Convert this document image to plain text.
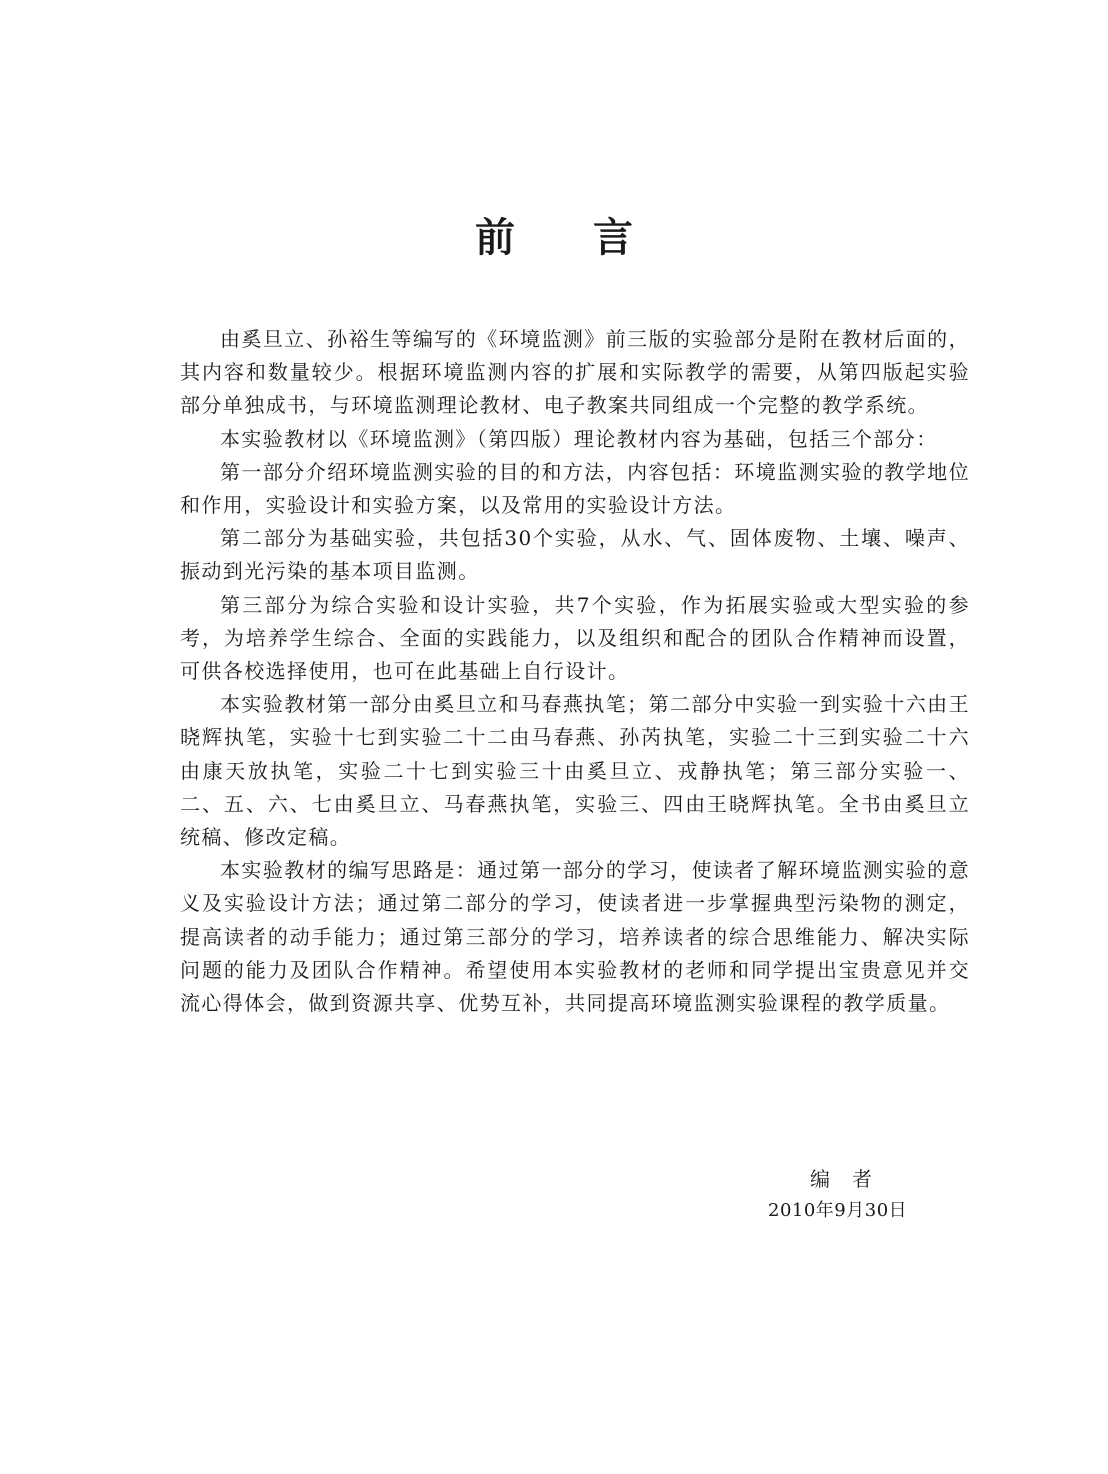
前言

由奚旦立、孙裕生等编写的《环境监测》前三版的实验部分是附在教材后面的，其内容和数量较少。根据环境监测内容的扩展和实际教学的需要，从第四版起实验部分单独成书，与环境监测理论教材、电子教案共同组成一个完整的教学系统。

本实验教材以《环境监测》（第四版）理论教材内容为基础，包括三个部分：

第一部分介绍环境监测实验的目的和方法，内容包括：环境监测实验的教学地位和作用，实验设计和实验方案，以及常用的实验设计方法。

第二部分为基础实验，共包括30个实验，从水、气、固体废物、土壤、噪声、振动到光污染的基本项目监测。

第三部分为综合实验和设计实验，共7个实验，作为拓展实验或大型实验的参考，为培养学生综合、全面的实践能力，以及组织和配合的团队合作精神而设置，可供各校选择使用，也可在此基础上自行设计。

本实验教材第一部分由奚旦立和马春燕执笔；第二部分中实验一到实验十六由王晓辉执笔，实验十七到实验二十二由马春燕、孙芮执笔，实验二十三到实验二十六由康天放执笔，实验二十七到实验三十由奚旦立、戎静执笔；第三部分实验一、二、五、六、七由奚旦立、马春燕执笔，实验三、四由王晓辉执笔。全书由奚旦立统稿、修改定稿。

本实验教材的编写思路是：通过第一部分的学习，使读者了解环境监测实验的意义及实验设计方法；通过第二部分的学习，使读者进一步掌握典型污染物的测定，提高读者的动手能力；通过第三部分的学习，培养读者的综合思维能力、解决实际问题的能力及团队合作精神。希望使用本实验教材的老师和同学提出宝贵意见并交流心得体会，做到资源共享、优势互补，共同提高环境监测实验课程的教学质量。

编者

2010年9月30日
